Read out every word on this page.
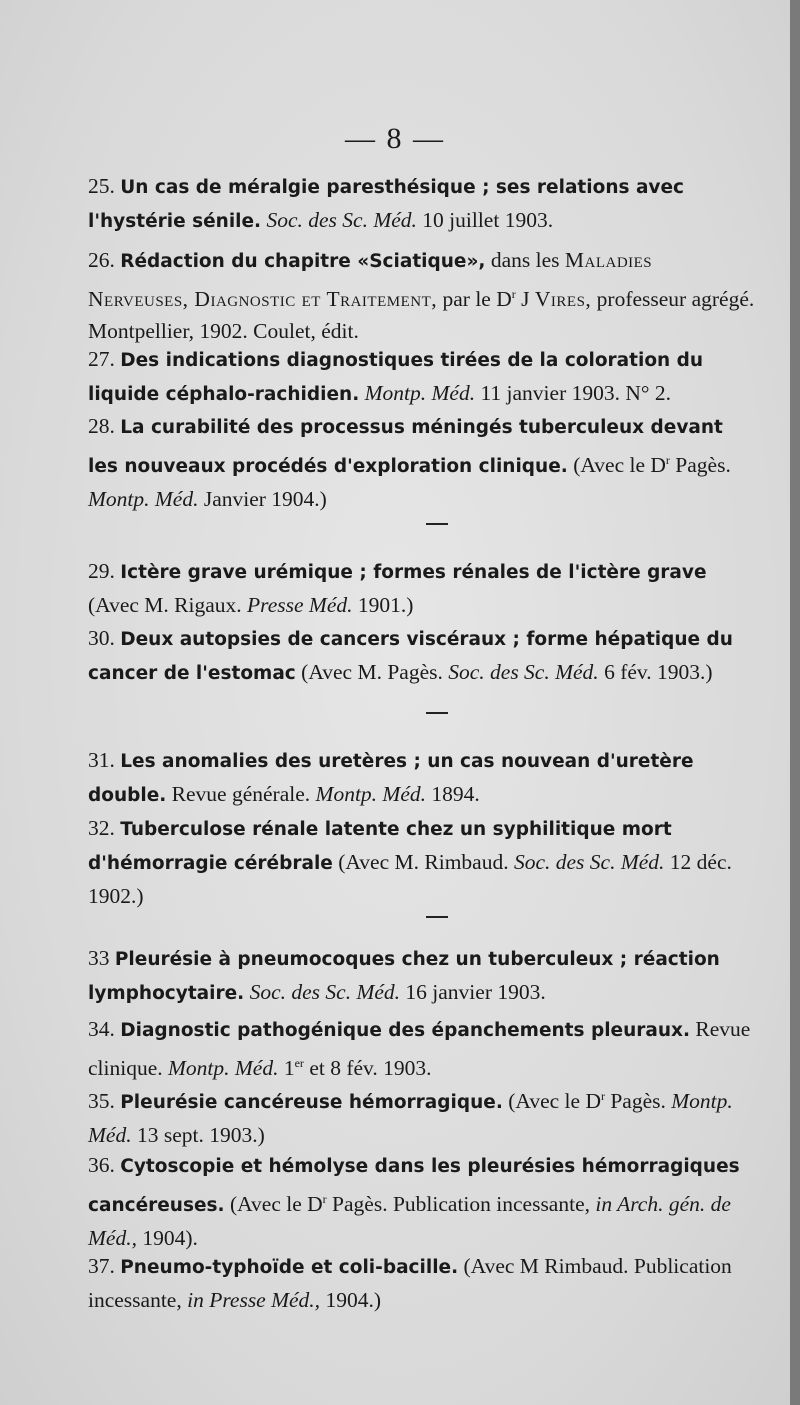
— 8 —
25. Un cas de méralgie paresthésique ; ses relations avec l'hystérie sénile. Soc. des Sc. Méd. 10 juillet 1903.
26. Rédaction du chapitre «Sciatique», dans les Maladies Nerveuses, Diagnostic et Traitement, par le $D^r$ J Vires, professeur agrégé. Montpellier, 1902. Coulet, édit.
27. Des indications diagnostiques tirées de la coloration du liquide céphalo-rachidien. Montp. Méd. 11 janvier 1903. N° 2.
28. La curabilité des processus méningés tuberculeux devant les nouveaux procédés d'exploration clinique. (Avec le $D^r$ Pagès. Montp. Méd. Janvier 1904.)
29. Ictère grave urémique ; formes rénales de l'ictère grave (Avec M. Rigaux. Presse Méd. 1901.)
30. Deux autopsies de cancers viscéraux ; forme hépatique du cancer de l'estomac (Avec M. Pagès. Soc. des Sc. Méd. 6 fév. 1903.)
31. Les anomalies des uretères ; un cas nouvean d'uretère double. Revue générale. Montp. Méd. 1894.
32. Tuberculose rénale latente chez un syphilitique mort d'hémorragie cérébrale (Avec M. Rimbaud. Soc. des Sc. Méd. 12 déc. 1902.)
33 Pleurésie à pneumocoques chez un tuberculeux ; réaction lymphocytaire. Soc. des Sc. Méd. 16 janvier 1903.
34. Diagnostic pathogénique des épanchements pleuraux. Revue clinique. Montp. Méd. 1er et 8 fév. 1903.
35. Pleurésie cancéreuse hémorragique. (Avec le $D^r$ Pagès. Montp. Méd. 13 sept. 1903.)
36. Cytoscopie et hémolyse dans les pleurésies hémorragiques cancéreuses. (Avec le $D^r$ Pagès. Publication incessante, in Arch. gén. de Méd., 1904).
37. Pneumo-typhoïde et coli-bacille. (Avec M Rimbaud. Publication incessante, in Presse Méd., 1904.)
